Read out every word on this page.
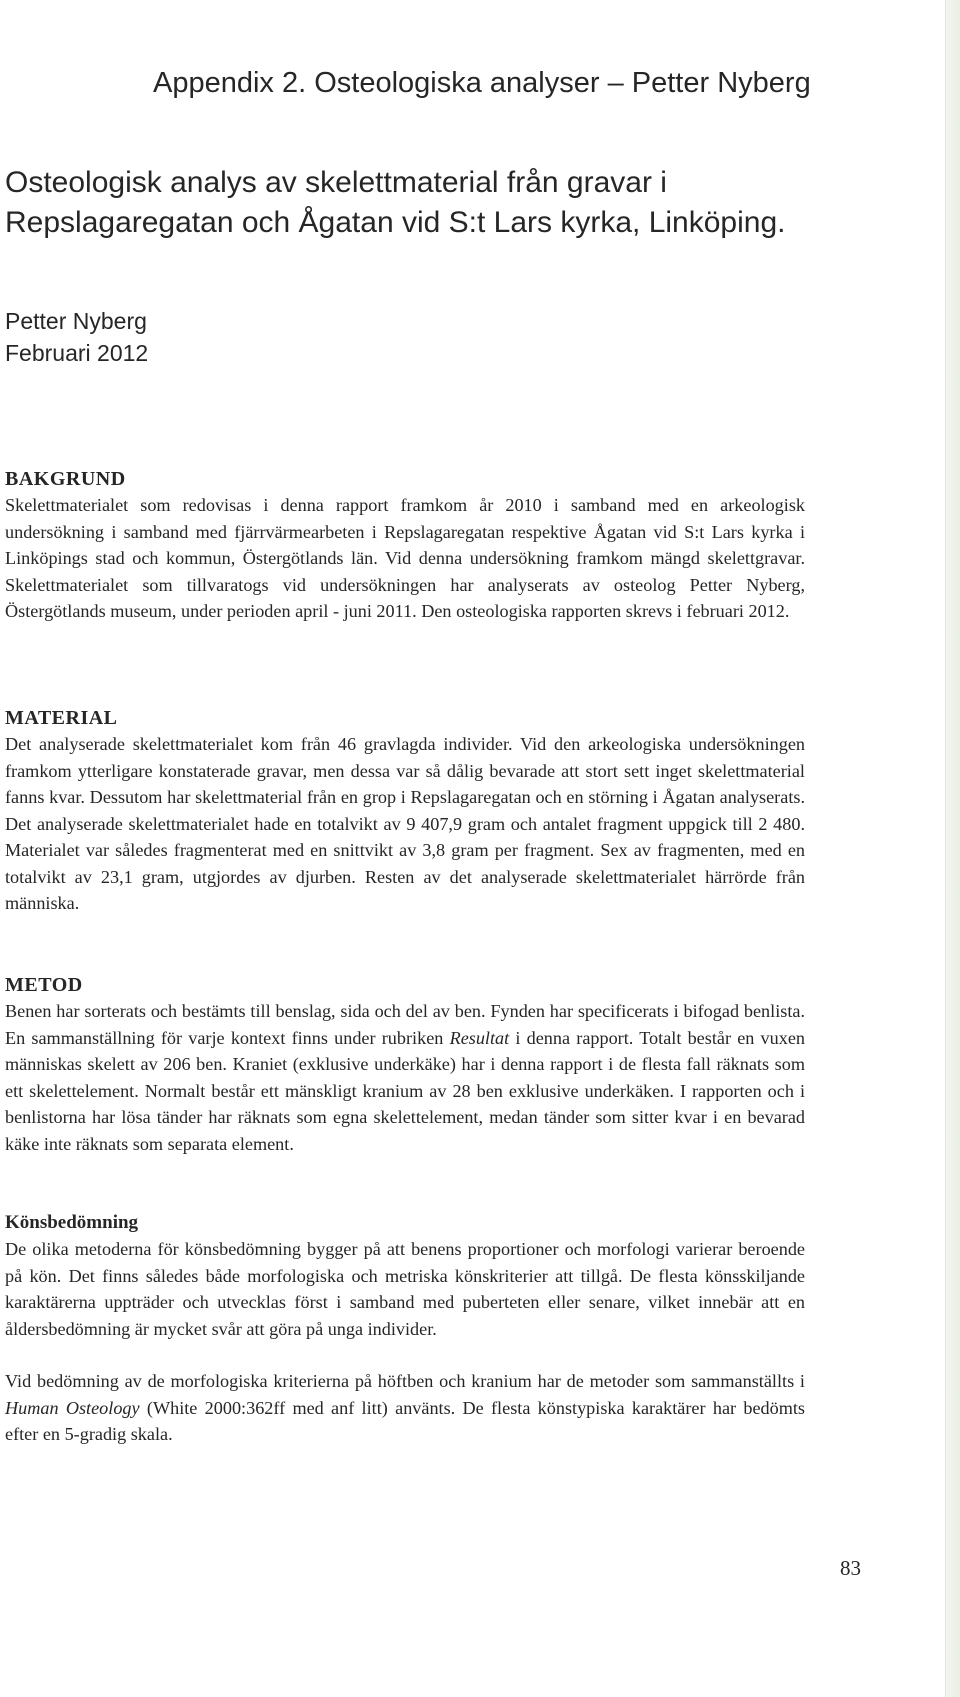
Appendix 2. Osteologiska analyser – Petter Nyberg
Osteologisk analys av skelettmaterial från gravar i Repslagaregatan och Ågatan vid S:t Lars kyrka, Linköping.
Petter Nyberg
Februari 2012
BAKGRUND

Skelettmaterialet som redovisas i denna rapport framkom år 2010 i samband med en arkeologisk undersökning i samband med fjärrvärmearbeten i Repslagaregatan respektive Ågatan vid S:t Lars kyrka i Linköpings stad och kommun, Östergötlands län. Vid denna undersökning framkom mängd skelettgravar. Skelettmaterialet som tillvaratogs vid undersökningen har analyserats av osteolog Petter Nyberg, Östergötlands museum, under perioden april - juni 2011. Den osteologiska rapporten skrevs i februari 2012.

MATERIAL

Det analyserade skelettmaterialet kom från 46 gravlagda individer. Vid den arkeologiska undersökningen framkom ytterligare konstaterade gravar, men dessa var så dålig bevarade att stort sett inget skelettmaterial fanns kvar. Dessutom har skelettmaterial från en grop i Repslagaregatan och en störning i Ågatan analyserats. Det analyserade skelettmaterialet hade en totalvikt av 9 407,9 gram och antalet fragment uppgick till 2 480. Materialet var således fragmenterat med en snittvikt av 3,8 gram per fragment. Sex av fragmenten, med en totalvikt av 23,1 gram, utgjordes av djurben. Resten av det analyserade skelettmaterialet härrörde från människa.

METOD

Benen har sorterats och bestämts till benslag, sida och del av ben. Fynden har specificerats i bifogad benlista. En sammanställning för varje kontext finns under rubriken Resultat i denna rapport. Totalt består en vuxen människas skelett av 206 ben. Kraniet (exklusive underkäke) har i denna rapport i de flesta fall räknats som ett skelettelement. Normalt består ett mänskligt kranium av 28 ben exklusive underkäken. I rapporten och i benlistorna har lösa tänder har räknats som egna skelettelement, medan tänder som sitter kvar i en bevarad käke inte räknats som separata element.

Könsbedömning

De olika metoderna för könsbedömning bygger på att benens proportioner och morfologi varierar beroende på kön. Det finns således både morfologiska och metriska könskriterier att tillgå. De flesta könsskiljande karaktärerna uppträder och utvecklas först i samband med puberteten eller senare, vilket innebär att en åldersbedömning är mycket svår att göra på unga individer.

Vid bedömning av de morfologiska kriterierna på höftben och kranium har de metoder som sammanställts i Human Osteology (White 2000:362ff med anf litt) använts. De flesta könstypiska karaktärer har bedömts efter en 5-gradig skala.

83
